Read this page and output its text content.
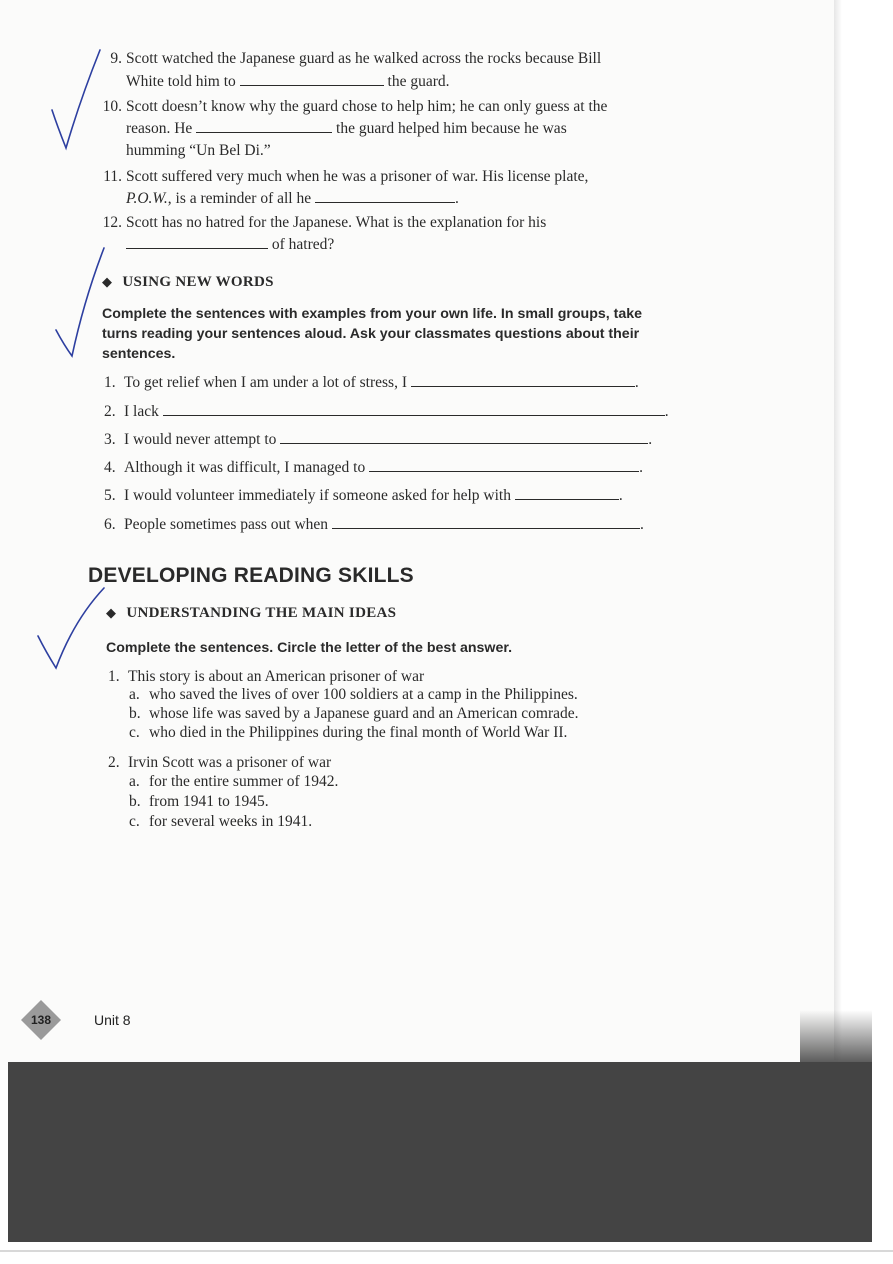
9. Scott watched the Japanese guard as he walked across the rocks because Bill
White told him to	the guard.
10. Scott doesn’t know why the guard chose to help him; he can only guess at the
reason. He	the guard helped him because he was
humming “Un Bel Di.”
11. Scott suffered very much when he was a prisoner of war. His license plate,
P.O.W., is a reminder of all he	.
12. Scott has no hatred for the Japanese. What is the explanation for his
of hatred?
◆ USING NEW WORDS
Complete the sentences with examples from your own life. In small groups, take
turns reading your sentences aloud. Ask your classmates questions about their
sentences.
1. To get relief when I am under a lot of stress, I	.
2. I lack	.
3. I would never attempt to	.
4. Although it was difficult, I managed to	.
5. I would volunteer immediately if someone asked for help with	.
6. People sometimes pass out when	.
DEVELOPING READING SKILLS
◆ UNDERSTANDING THE MAIN IDEAS
Complete the sentences. Circle the letter of the best answer.
1. This story is about an American prisoner of war
a. who saved the lives of over 100 soldiers at a camp in the Philippines.
b. whose life was saved by a Japanese guard and an American comrade.
c. who died in the Philippines during the final month of World War II.
2. Irvin Scott was a prisoner of war
a. for the entire summer of 1942.
b. from 1941 to 1945.
c. for several weeks in 1941.
138	Unit 8
